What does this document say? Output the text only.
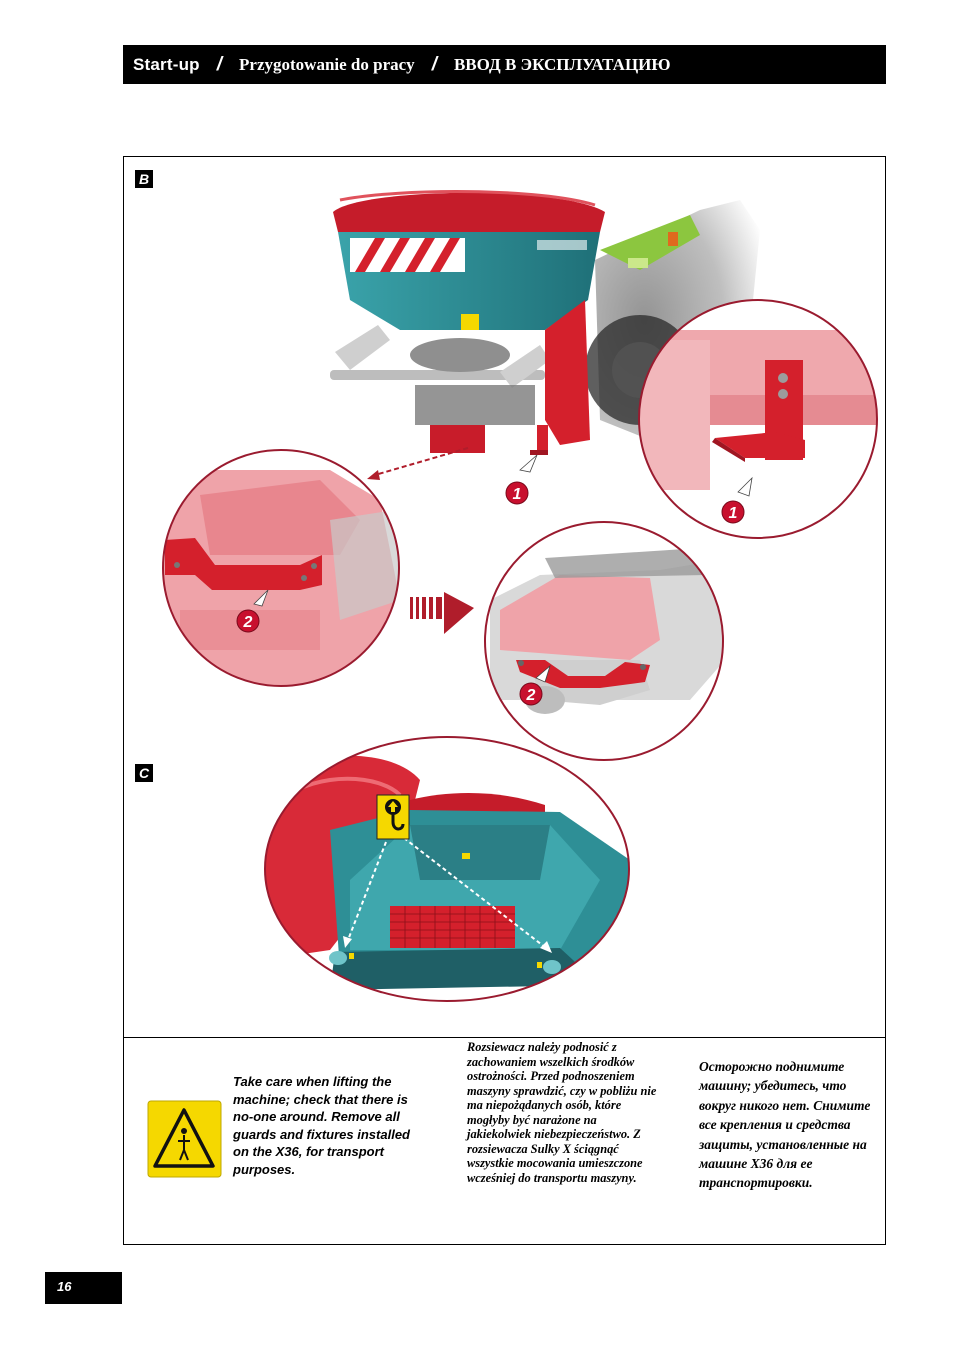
Start-up / Przygotowanie do pracy / ВВОД В ЭКСПЛУАТАЦИЮ
1
1
2
2
B
C
Take care when lifting the machine; check that there is no-one around. Remove all guards and fixtures installed on the X36, for transport purposes.
Rozsiewacz należy podnosić z zachowaniem wszelkich środków ostrożności. Przed podnoszeniem maszyny sprawdzić, czy w pobliżu nie ma niepożądanych osób, które mogłyby być narażone na jakiekolwiek niebezpieczeństwo. Z rozsiewacza Sulky X ściągnąć wszystkie mocowania umieszczone wcześniej do transportu maszyny.
Осторожно поднимите машину; убедитесь, что вокруг никого нет. Снимите все крепления и средства защиты, установленные на машине X36 для ее транспортировки.
16
